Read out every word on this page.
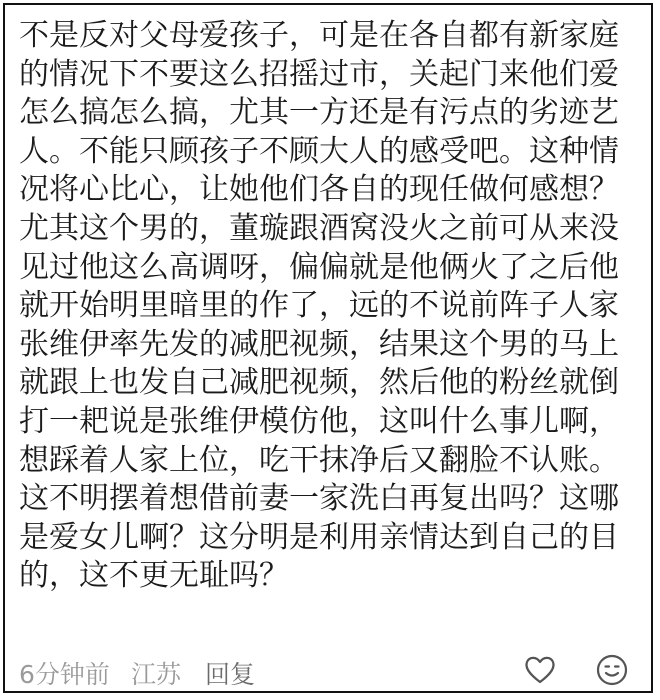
不是反对父母爱孩子，可是在各自都有新家庭
的情况下不要这么招摇过市，关起门来他们爱
怎么搞怎么搞，尤其一方还是有污点的劣迹艺
人。不能只顾孩子不顾大人的感受吧。这种情
况将心比心，让她他们各自的现任做何感想？
尤其这个男的，董璇跟酒窝没火之前可从来没
见过他这么高调呀，偏偏就是他俩火了之后他
就开始明里暗里的作了，远的不说前阵子人家
张维伊率先发的减肥视频，结果这个男的马上
就跟上也发自己减肥视频，然后他的粉丝就倒
打一耙说是张维伊模仿他，这叫什么事儿啊，
想踩着人家上位，吃干抹净后又翻脸不认账。
这不明摆着想借前妻一家洗白再复出吗？这哪
是爱女儿啊？这分明是利用亲情达到自己的目
的，这不更无耻吗？

6分钟前 江苏 回复
